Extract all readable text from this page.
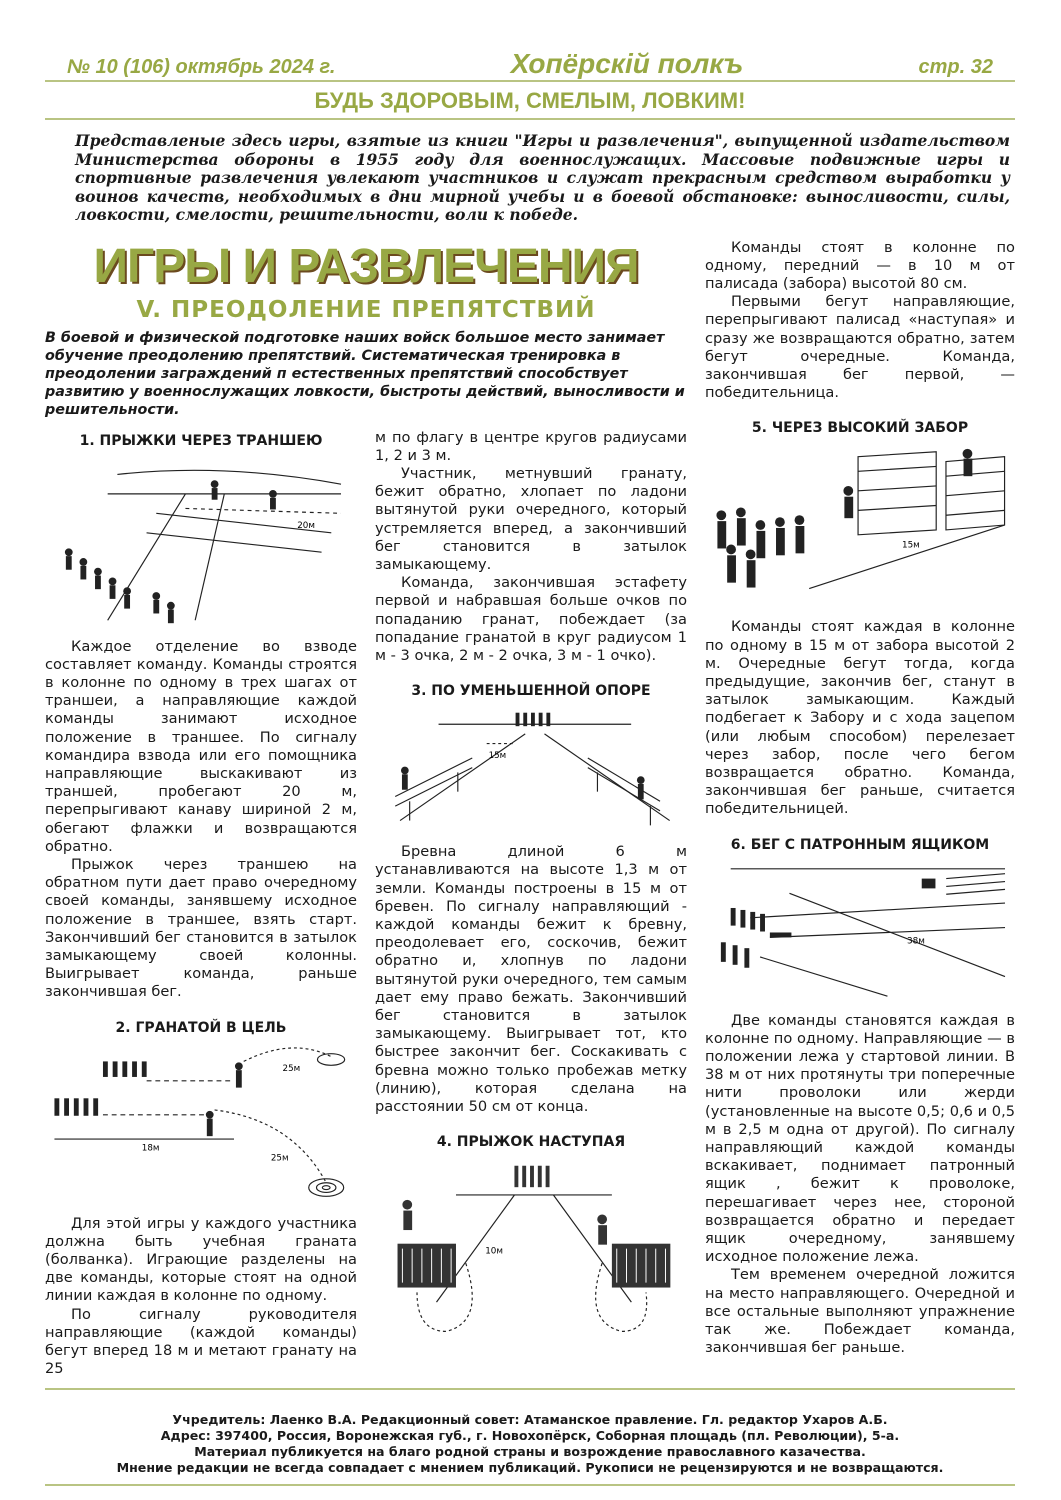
№ 10 (106) октябрь 2024 г.	Хопёрскiй полкъ	стр. 32
БУДЬ ЗДОРОВЫМ, СМЕЛЫМ, ЛОВКИМ!
Представленые здесь игры, взятые из книги "Игры и развлечения", выпущенной издательством Министерства обороны в 1955 году для военнослужащих. Массовые подвижные игры и спортивные развлечения увлекают участников и служат прекрасным средством выработки у воинов качеств, необходимых в дни мирной учебы и в боевой обстановке: выносливости, силы, ловкости, смелости, решительности, воли к победе.
ИГРЫ И РАЗВЛЕЧЕНИЯ
V. ПРЕОДОЛЕНИЕ ПРЕПЯТСТВИЙ
В боевой и физической подготовке наших войск большое место занимает обучение преодолению препятствий. Систематическая тренировка в преодолении заграждений п естественных препятствий способствует развитию у военнослужащих ловкости, быстроты действий, выносливости и решительности.
1. ПРЫЖКИ ЧЕРЕЗ ТРАНШЕЮ
20м

Каждое отделение во взводе составляет команду. Команды строятся в колонне по одному в трех шагах от траншеи, а направляющие каждой команды занимают исходное положение в траншее. По сигналу командира взвода или его помощника направляющие выскакивают из траншей, пробегают 20 м, перепрыгивают канаву шириной 2 м, обегают флажки и возвращаются обратно.

Прыжок через траншею на обратном пути дает право очередному своей команды, занявшему исходное положение в траншее, взять старт. Закончивший бег становится в затылок замыкающему своей колонны. Выигрывает команда, раньше закончившая бег.

2. ГРАНАТОЙ В ЦЕЛЬ
25м
18м
25м

Для этой игры у каждого участника должна быть учебная граната (болванка). Играющие разделены на две команды, которые стоят на одной линии каждая в колонне по одному.

По сигналу руководителя направляющие (каждой команды) бегут вперед 18 м и метают гранату на 25

м по флагу в центре кругов радиусами 1, 2 и 3 м.

Участник, метнувший гранату, бежит обратно, хлопает по ладони вытянутой руки очередного, который устремляется вперед, а закончивший бег становится в затылок замыкающему.

Команда, закончившая эстафету первой и набравшая больше очков по попаданию гранат, побеждает (за попадание гранатой в круг радиусом 1 м - 3 очка, 2 м - 2 очка, 3 м - 1 очко).

3. ПО УМЕНЬШЕННОЙ ОПОРЕ
15м

Бревна длиной 6 м устанавливаются на высоте 1,3 м от земли. Команды построены в 15 м от бревен. По сигналу направляющий - каждой команды бежит к бревну, преодолевает его, соскочив, бежит обратно и, хлопнув по ладони вытянутой руки очередного, тем самым дает ему право бежать. Закончивший бег становится в затылок замыкающему. Выигрывает тот, кто быстрее закончит бег. Соскакивать с бревна можно только пробежав метку (линию), которая сделана на расстоянии 50 см от конца.

4. ПРЫЖОК НАСТУПАЯ
10м

Команды стоят в колонне по одному, передний — в 10 м от палисада (забора) высотой 80 см.

Первыми бегут направляющие, перепрыгивают палисад «наступая» и сразу же возвращаются обратно, затем бегут очередные. Команда, закончившая бег первой, — победительница.

5. ЧЕРЕЗ ВЫСОКИЙ ЗАБОР
15м

Команды стоят каждая в колонне по одному в 15 м от забора высотой 2 м. Очередные бегут тогда, когда предыдущие, закончив бег, станут в затылок замыкающим. Каждый подбегает к Забору и с хода зацепом (или любым способом) перелезает через забор, после чего бегом возвращается обратно. Команда, закончившая бег раньше, считается победительницей.

6. БЕГ С ПАТРОННЫМ ЯЩИКОМ
38м

Две команды становятся каждая в колонне по одному. Направляющие — в положении лежа у стартовой линии. В 38 м от них протянуты три поперечные нити проволоки или жерди (установленные на высоте 0,5; 0,6 и 0,5 м в 2,5 м одна от другой). По сигналу направляющий каждой команды вскакивает, поднимает патронный ящик , бежит к проволоке, перешагивает через нее, стороной возвращается обратно и передает ящик очередному, занявшему исходное положение лежа.

Тем временем очередной ложится на место направляющего. Очередной и все остальные выполняют упражнение так же. Побеждает команда, закончившая бег раньше.

Учредитель: Лаенко В.А. Редакционный совет: Атаманское правление. Гл. редактор Ухаров А.Б.
Адрес: 397400, Россия, Воронежская губ., г. Новохопёрск, Соборная площадь (пл. Революции), 5-а.
Материал публикуется на благо родной страны и возрождение православного казачества.
Мнение редакции не всегда совпадает с мнением публикаций. Рукописи не рецензируются и не возвращаются.
